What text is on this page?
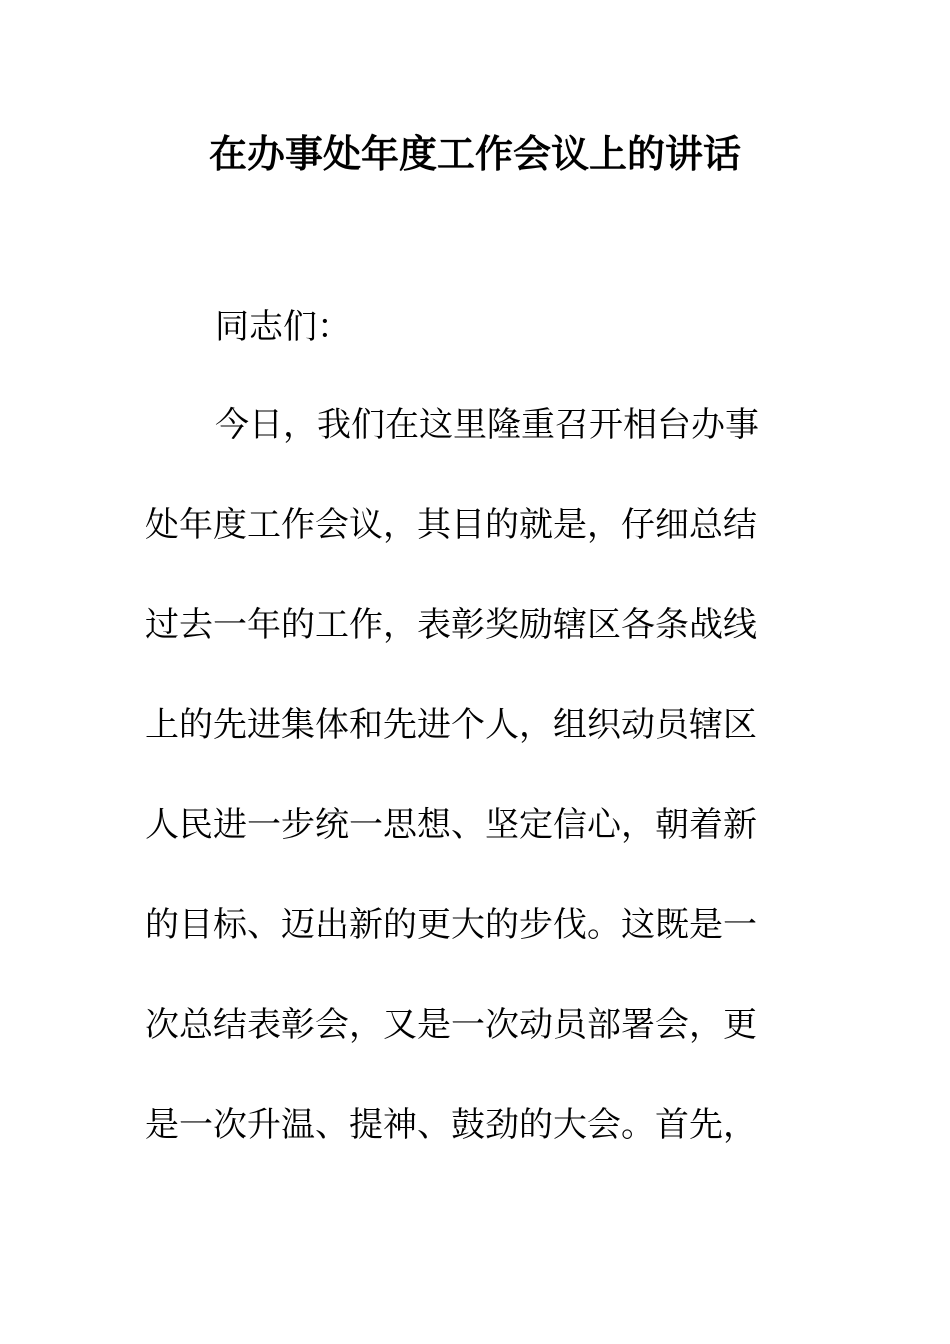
在办事处年度工作会议上的讲话

同志们：

今日，我们在这里隆重召开相台办事
处年度工作会议，其目的就是，仔细总结
过去一年的工作，表彰奖励辖区各条战线
上的先进集体和先进个人，组织动员辖区
人民进一步统一思想、坚定信心，朝着新
的目标、迈出新的更大的步伐。这既是一
次总结表彰会，又是一次动员部署会，更
是一次升温、提神、鼓劲的大会。首先，
